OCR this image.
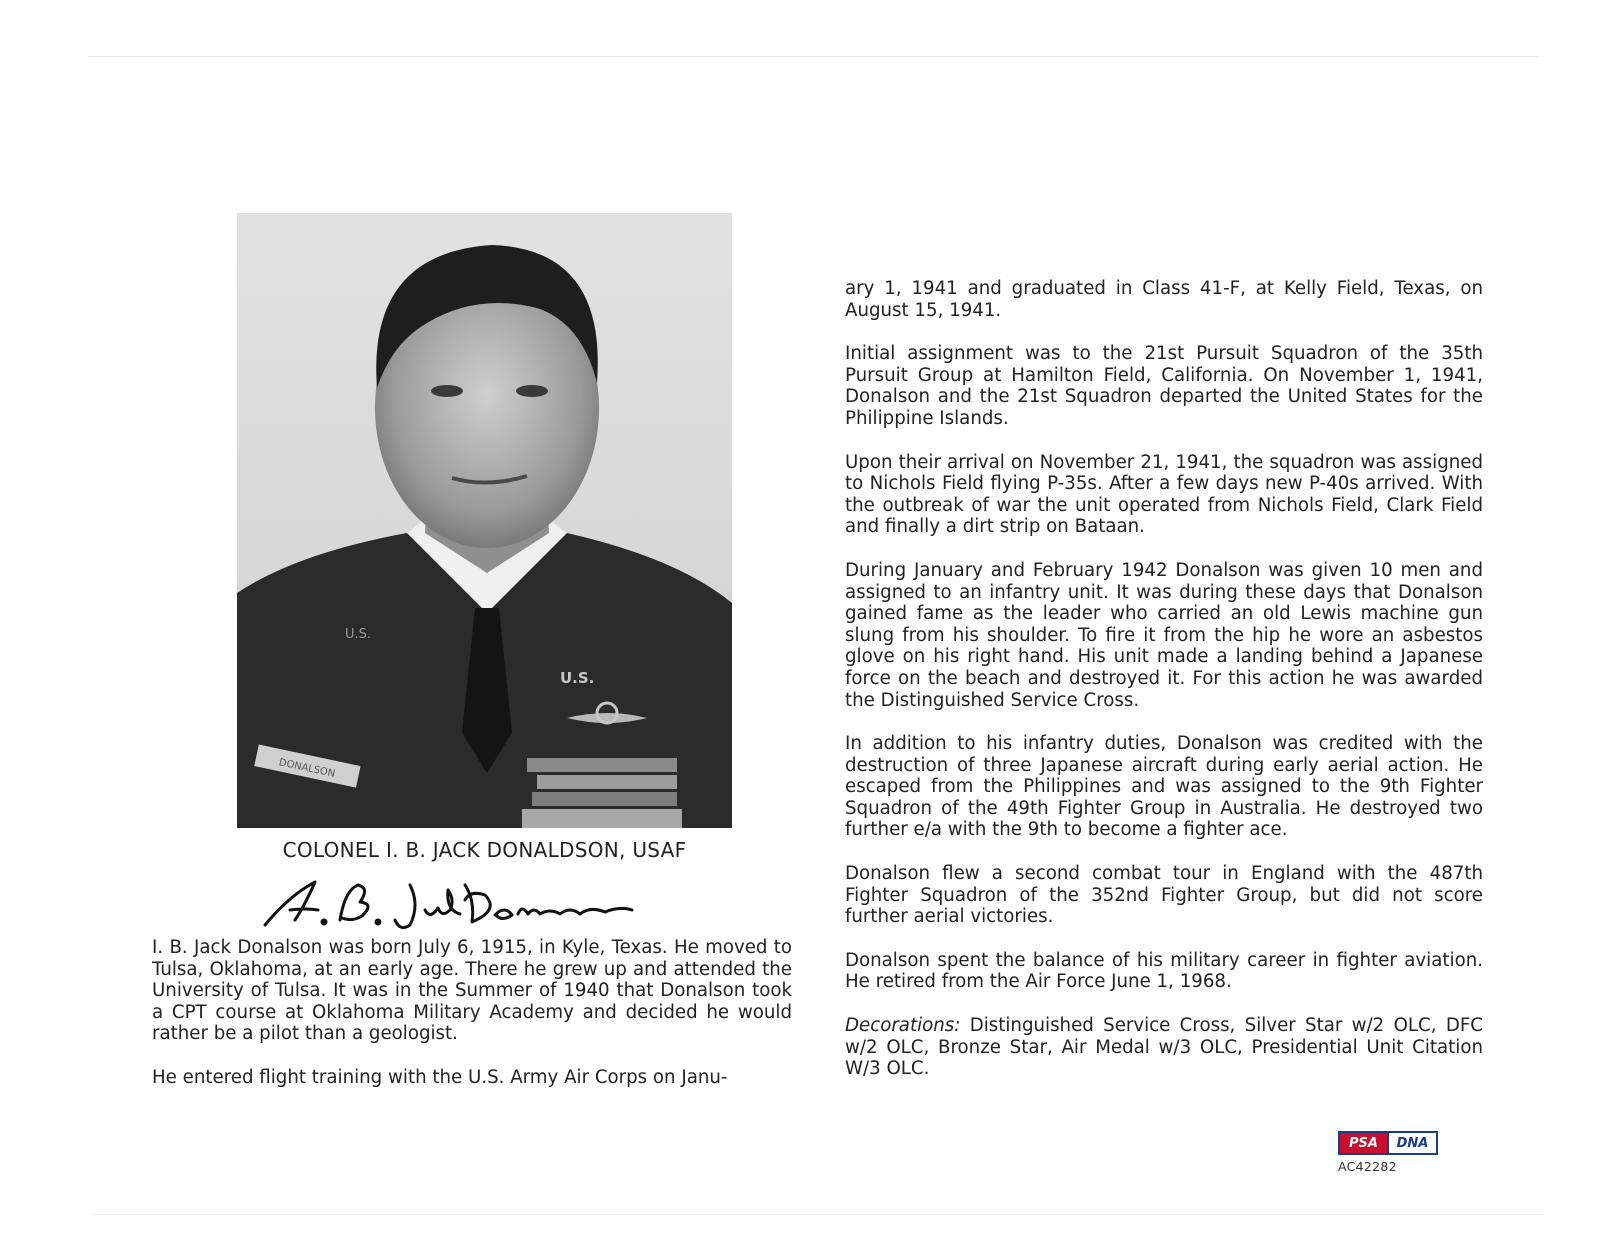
U.S.
U.S.
DONALSON
COLONEL I. B. JACK DONALDSON, USAF

I. B. Jack Donalson was born July 6, 1915, in Kyle, Texas. He moved to Tulsa, Oklahoma, at an early age. There he grew up and attended the University of Tulsa. It was in the Summer of 1940 that Donalson took a CPT course at Oklahoma Military Academy and decided he would rather be a pilot than a geologist.

He entered flight training with the U.S. Army Air Corps on Janu-

ary 1, 1941 and graduated in Class 41-F, at Kelly Field, Texas, on August 15, 1941.

Initial assignment was to the 21st Pursuit Squadron of the 35th Pursuit Group at Hamilton Field, California. On November 1, 1941, Donalson and the 21st Squadron departed the United States for the Philippine Islands.

Upon their arrival on November 21, 1941, the squadron was assigned to Nichols Field flying P-35s. After a few days new P-40s arrived. With the outbreak of war the unit operated from Nichols Field, Clark Field and finally a dirt strip on Bataan.

During January and February 1942 Donalson was given 10 men and assigned to an infantry unit. It was during these days that Donalson gained fame as the leader who carried an old Lewis machine gun slung from his shoulder. To fire it from the hip he wore an asbestos glove on his right hand. His unit made a landing behind a Japanese force on the beach and destroyed it. For this action he was awarded the Distinguished Service Cross.

In addition to his infantry duties, Donalson was credited with the destruction of three Japanese aircraft during early aerial action. He escaped from the Philippines and was assigned to the 9th Fighter Squadron of the 49th Fighter Group in Australia. He destroyed two further e/a with the 9th to become a fighter ace.

Donalson flew a second combat tour in England with the 487th Fighter Squadron of the 352nd Fighter Group, but did not score further aerial victories.

Donalson spent the balance of his military career in fighter aviation. He retired from the Air Force June 1, 1968.

Decorations: Distinguished Service Cross, Silver Star w/2 OLC, DFC w/2 OLC, Bronze Star, Air Medal w/3 OLC, Presidential Unit Citation W/3 OLC.

PSA	DNA
AC42282
